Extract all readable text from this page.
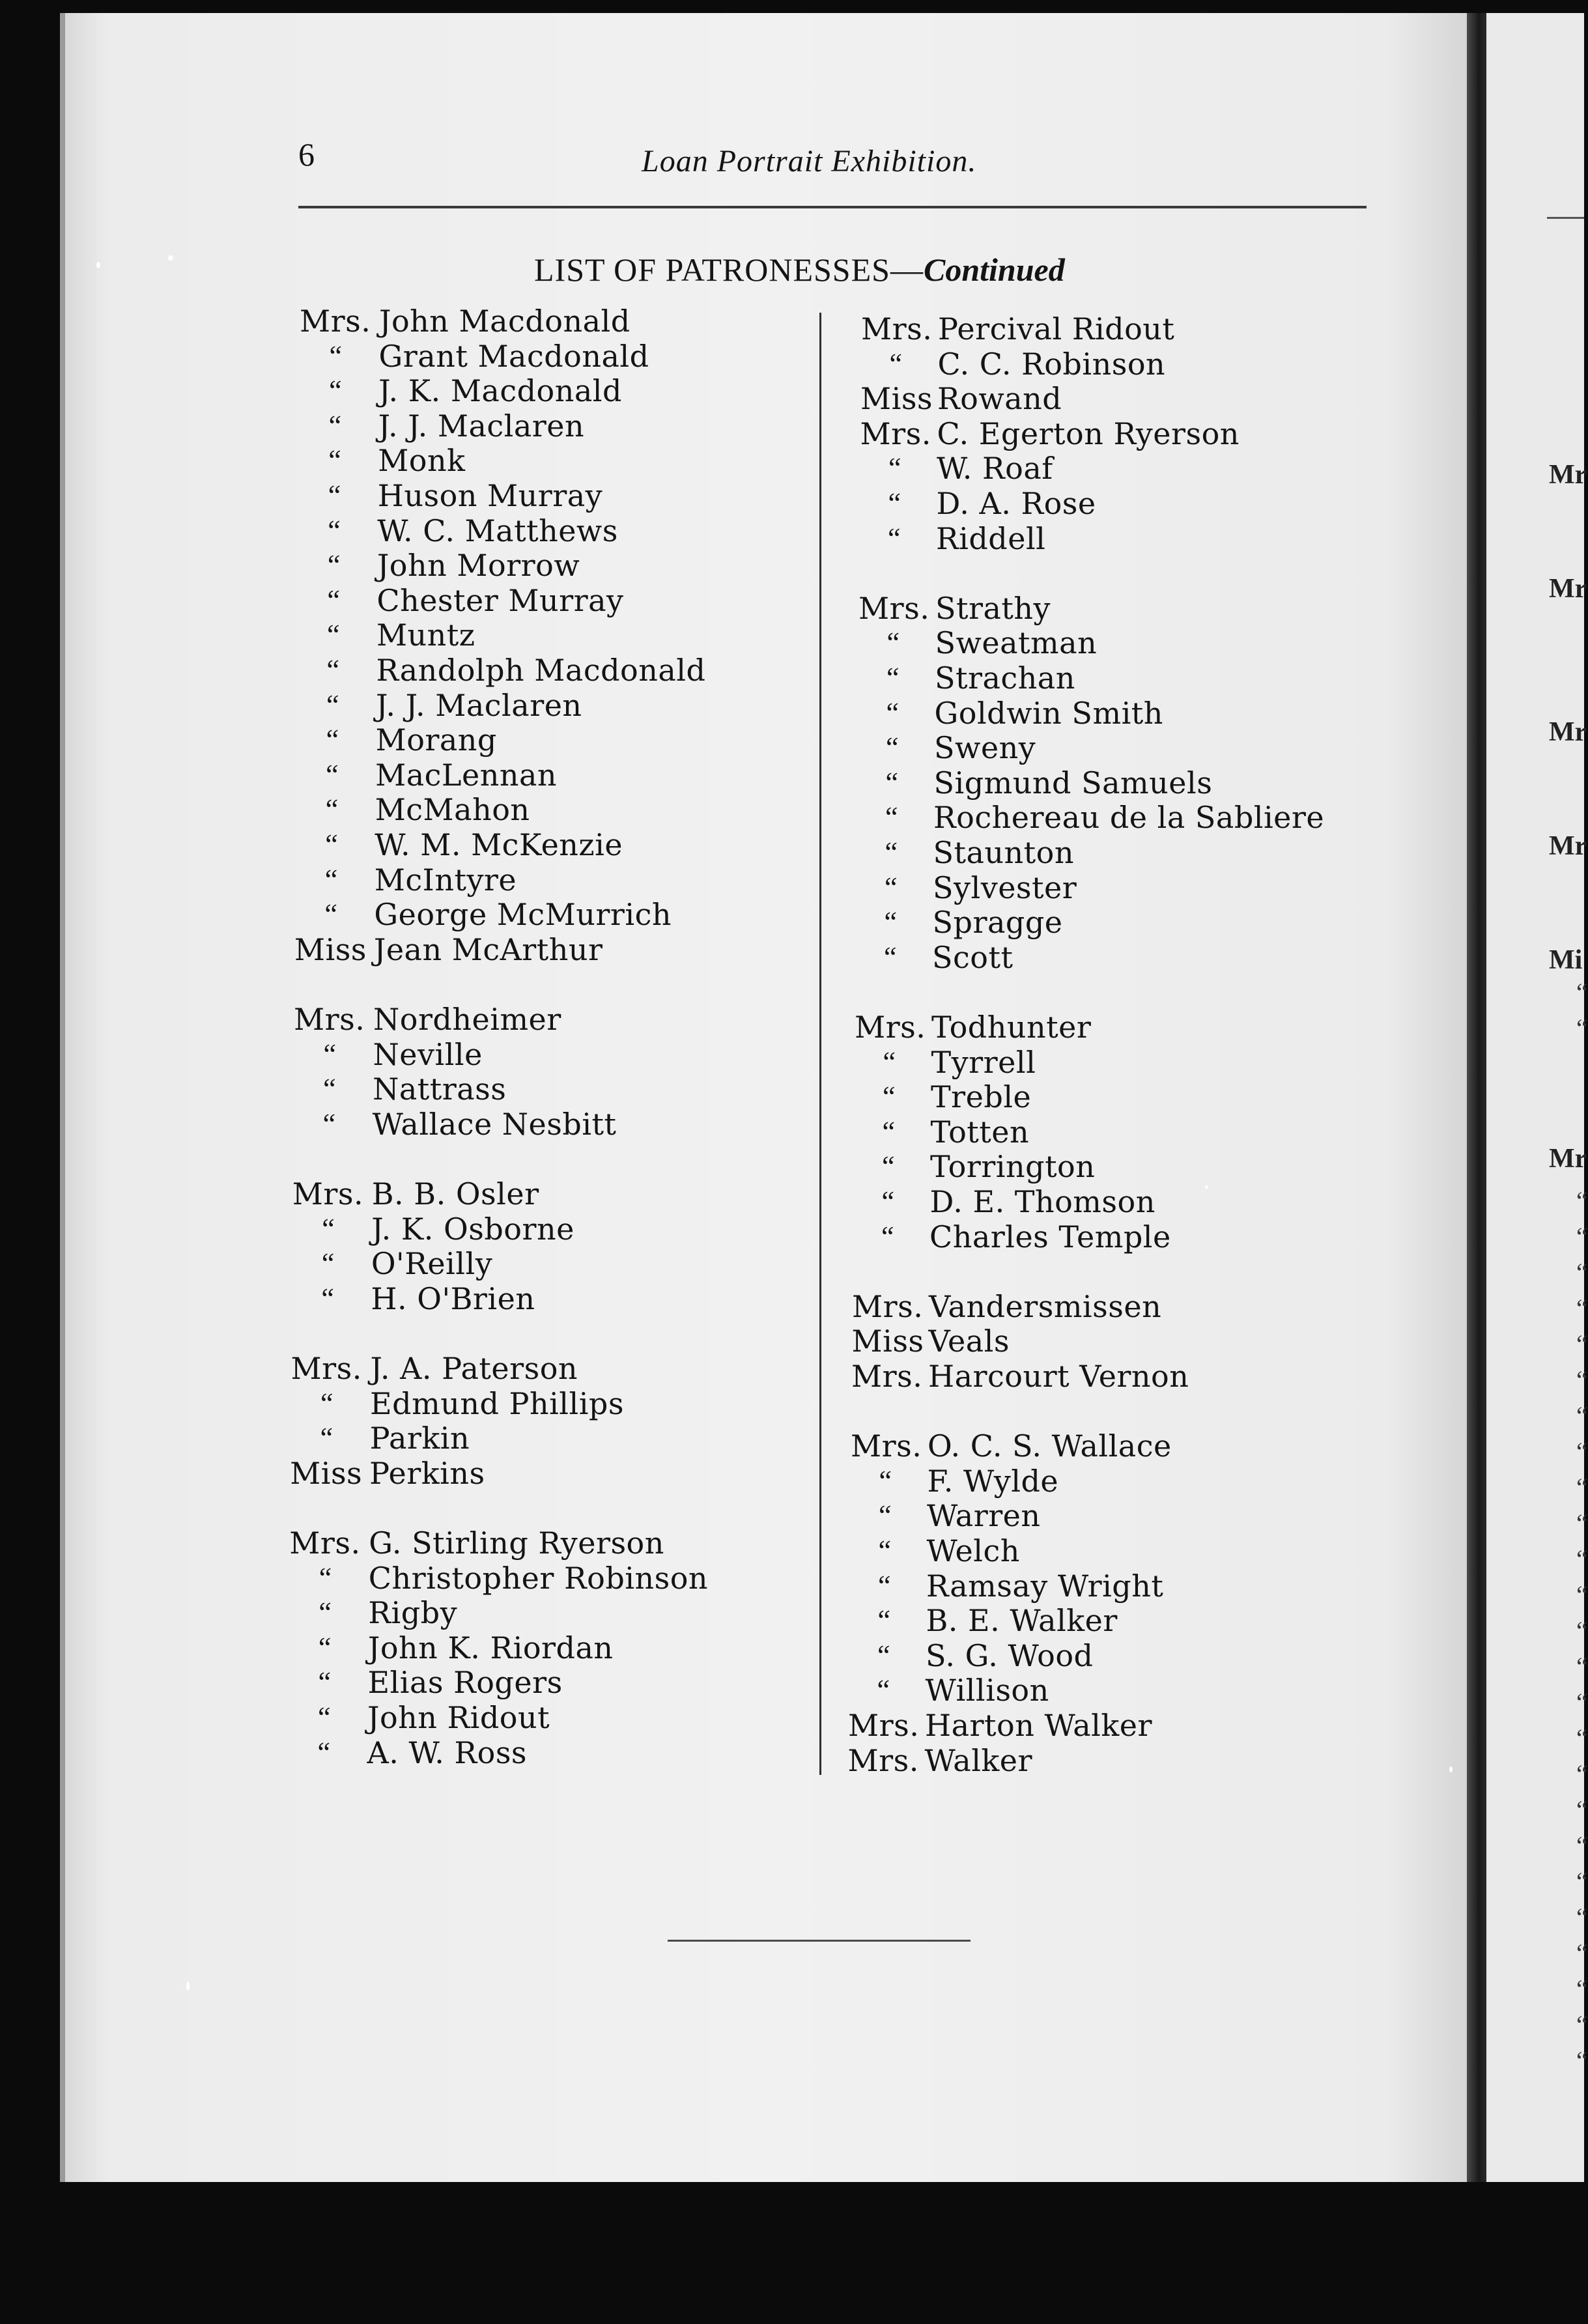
Mr
Mr
Mr
Mr
Mi
Mr
“
“
“
“
“
“
“
“
“
“
“
“
“
“
“
“
“
“
“
“
“
“
“
“
“
“
“
6	Loan Portrait Exhibition.
LIST OF PATRONESSES—Continued
Mrs. John Macdonald
“ Grant Macdonald
“ J. K. Macdonald
“ J. J. Maclaren
“ Monk
“ Huson Murray
“ W. C. Matthews
“ John Morrow
“ Chester Murray
“ Muntz
“ Randolph Macdonald
“ J. J. Maclaren
“ Morang
“ MacLennan
“ McMahon
“ W. M. McKenzie
“ McIntyre
“ George McMurrich
Miss Jean McArthur
Mrs. Nordheimer
“ Neville
“ Nattrass
“ Wallace Nesbitt
Mrs. B. B. Osler
“ J. K. Osborne
“ O'Reilly
“ H. O'Brien
Mrs. J. A. Paterson
“ Edmund Phillips
“ Parkin
Miss Perkins
Mrs. G. Stirling Ryerson
“ Christopher Robinson
“ Rigby
“ John K. Riordan
“ Elias Rogers
“ John Ridout
“ A. W. Ross
Mrs. Percival Ridout
“ C. C. Robinson
Miss Rowand
Mrs. C. Egerton Ryerson
“ W. Roaf
“ D. A. Rose
“ Riddell
Mrs. Strathy
“ Sweatman
“ Strachan
“ Goldwin Smith
“ Sweny
“ Sigmund Samuels
“ Rochereau de la Sabliere
“ Staunton
“ Sylvester
“ Spragge
“ Scott
Mrs. Todhunter
“ Tyrrell
“ Treble
“ Totten
“ Torrington
“ D. E. Thomson
“ Charles Temple
Mrs. Vandersmissen
Miss Veals
Mrs. Harcourt Vernon
Mrs. O. C. S. Wallace
“ F. Wylde
“ Warren
“ Welch
“ Ramsay Wright
“ B. E. Walker
“ S. G. Wood
“ Willison
Mrs. Harton Walker
Mrs. Walker
